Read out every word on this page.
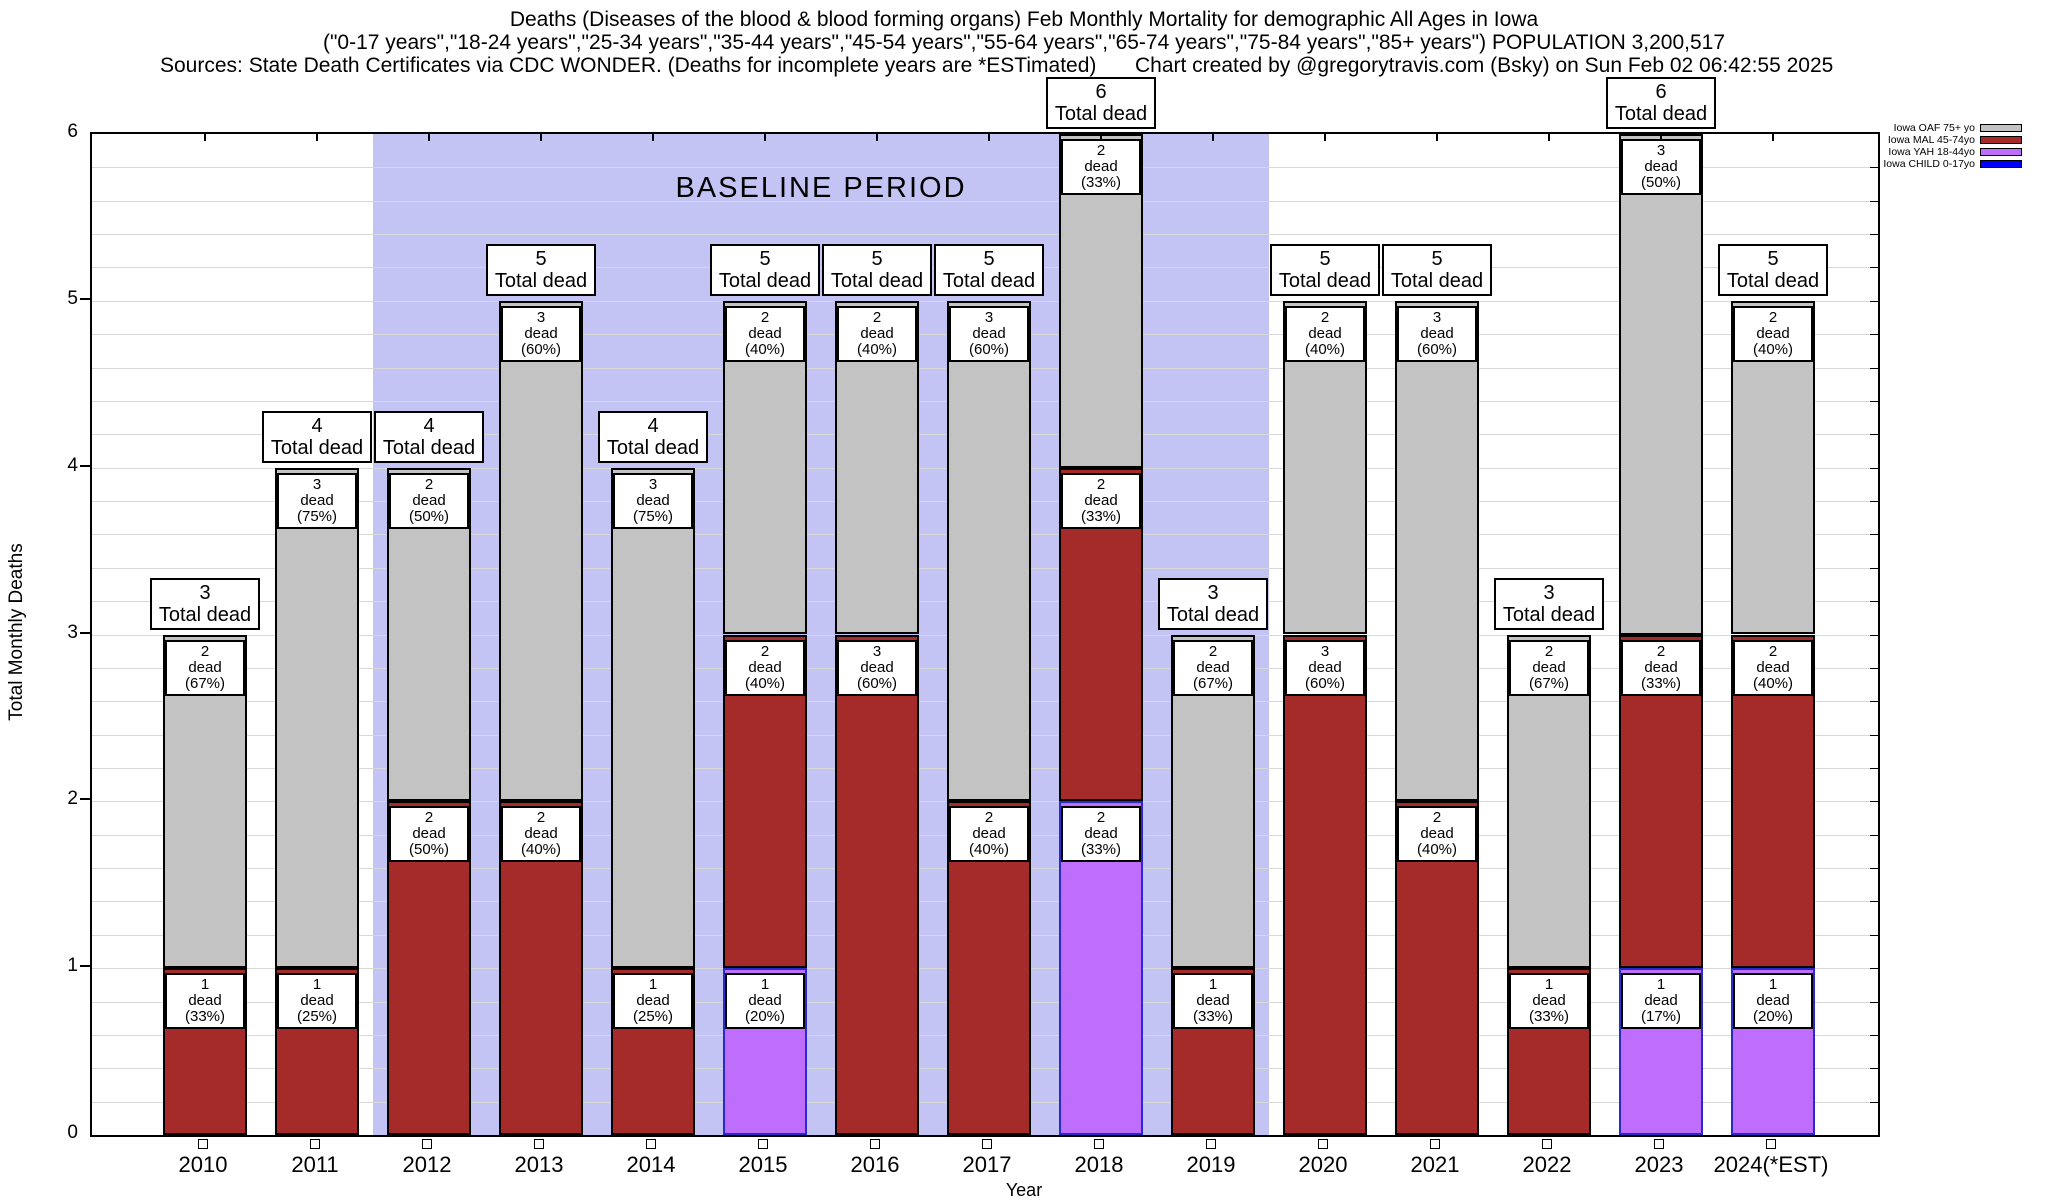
Deaths (Diseases of the blood & blood forming organs) Feb Monthly Mortality for demographic All Ages in Iowa
("0-17 years","18-24 years","25-34 years","35-44 years","45-54 years","55-64 years","65-74 years","75-84 years","85+ years") POPULATION 3,200,517
Sources: State Death Certificates via CDC WONDER. (Deaths for incomplete years are *ESTimated) Chart created by @gregorytravis.com (Bsky) on Sun Feb 02 06:42:55 2025
Total Monthly Deaths
Year
BASELINE PERIOD
1
dead (33%)
2
dead (67%)
3
Total dead
1
dead (25%)
3
dead (75%)
4
Total dead
2
dead (50%)
2
dead (50%)
4
Total dead
2
dead (40%)
3
dead (60%)
5
Total dead
1
dead (25%)
3
dead (75%)
4
Total dead
1
dead (20%)
2
dead (40%)
2
dead (40%)
5
Total dead
3
dead (60%)
2
dead (40%)
5
Total dead
2
dead (40%)
3
dead (60%)
5
Total dead
2
dead (33%)
2
dead (33%)
2
dead (33%)
6
Total dead
1
dead (33%)
2
dead (67%)
3
Total dead
3
dead (60%)
2
dead (40%)
5
Total dead
2
dead (40%)
3
dead (60%)
5
Total dead
1
dead (33%)
2
dead (67%)
3
Total dead
1
dead (17%)
2
dead (33%)
3
dead (50%)
6
Total dead
1
dead (20%)
2
dead (40%)
2
dead (40%)
5
Total dead
Iowa OAF 75+ yo
Iowa MAL 45-74yo
Iowa YAH 18-44yo
Iowa CHILD 0-17yo
0
1
2
3
4
5
6
2010	2011	2012	2013	2014	2015	2016	2017	2018	2019	2020	2021	2022	2023	2024(*EST)
